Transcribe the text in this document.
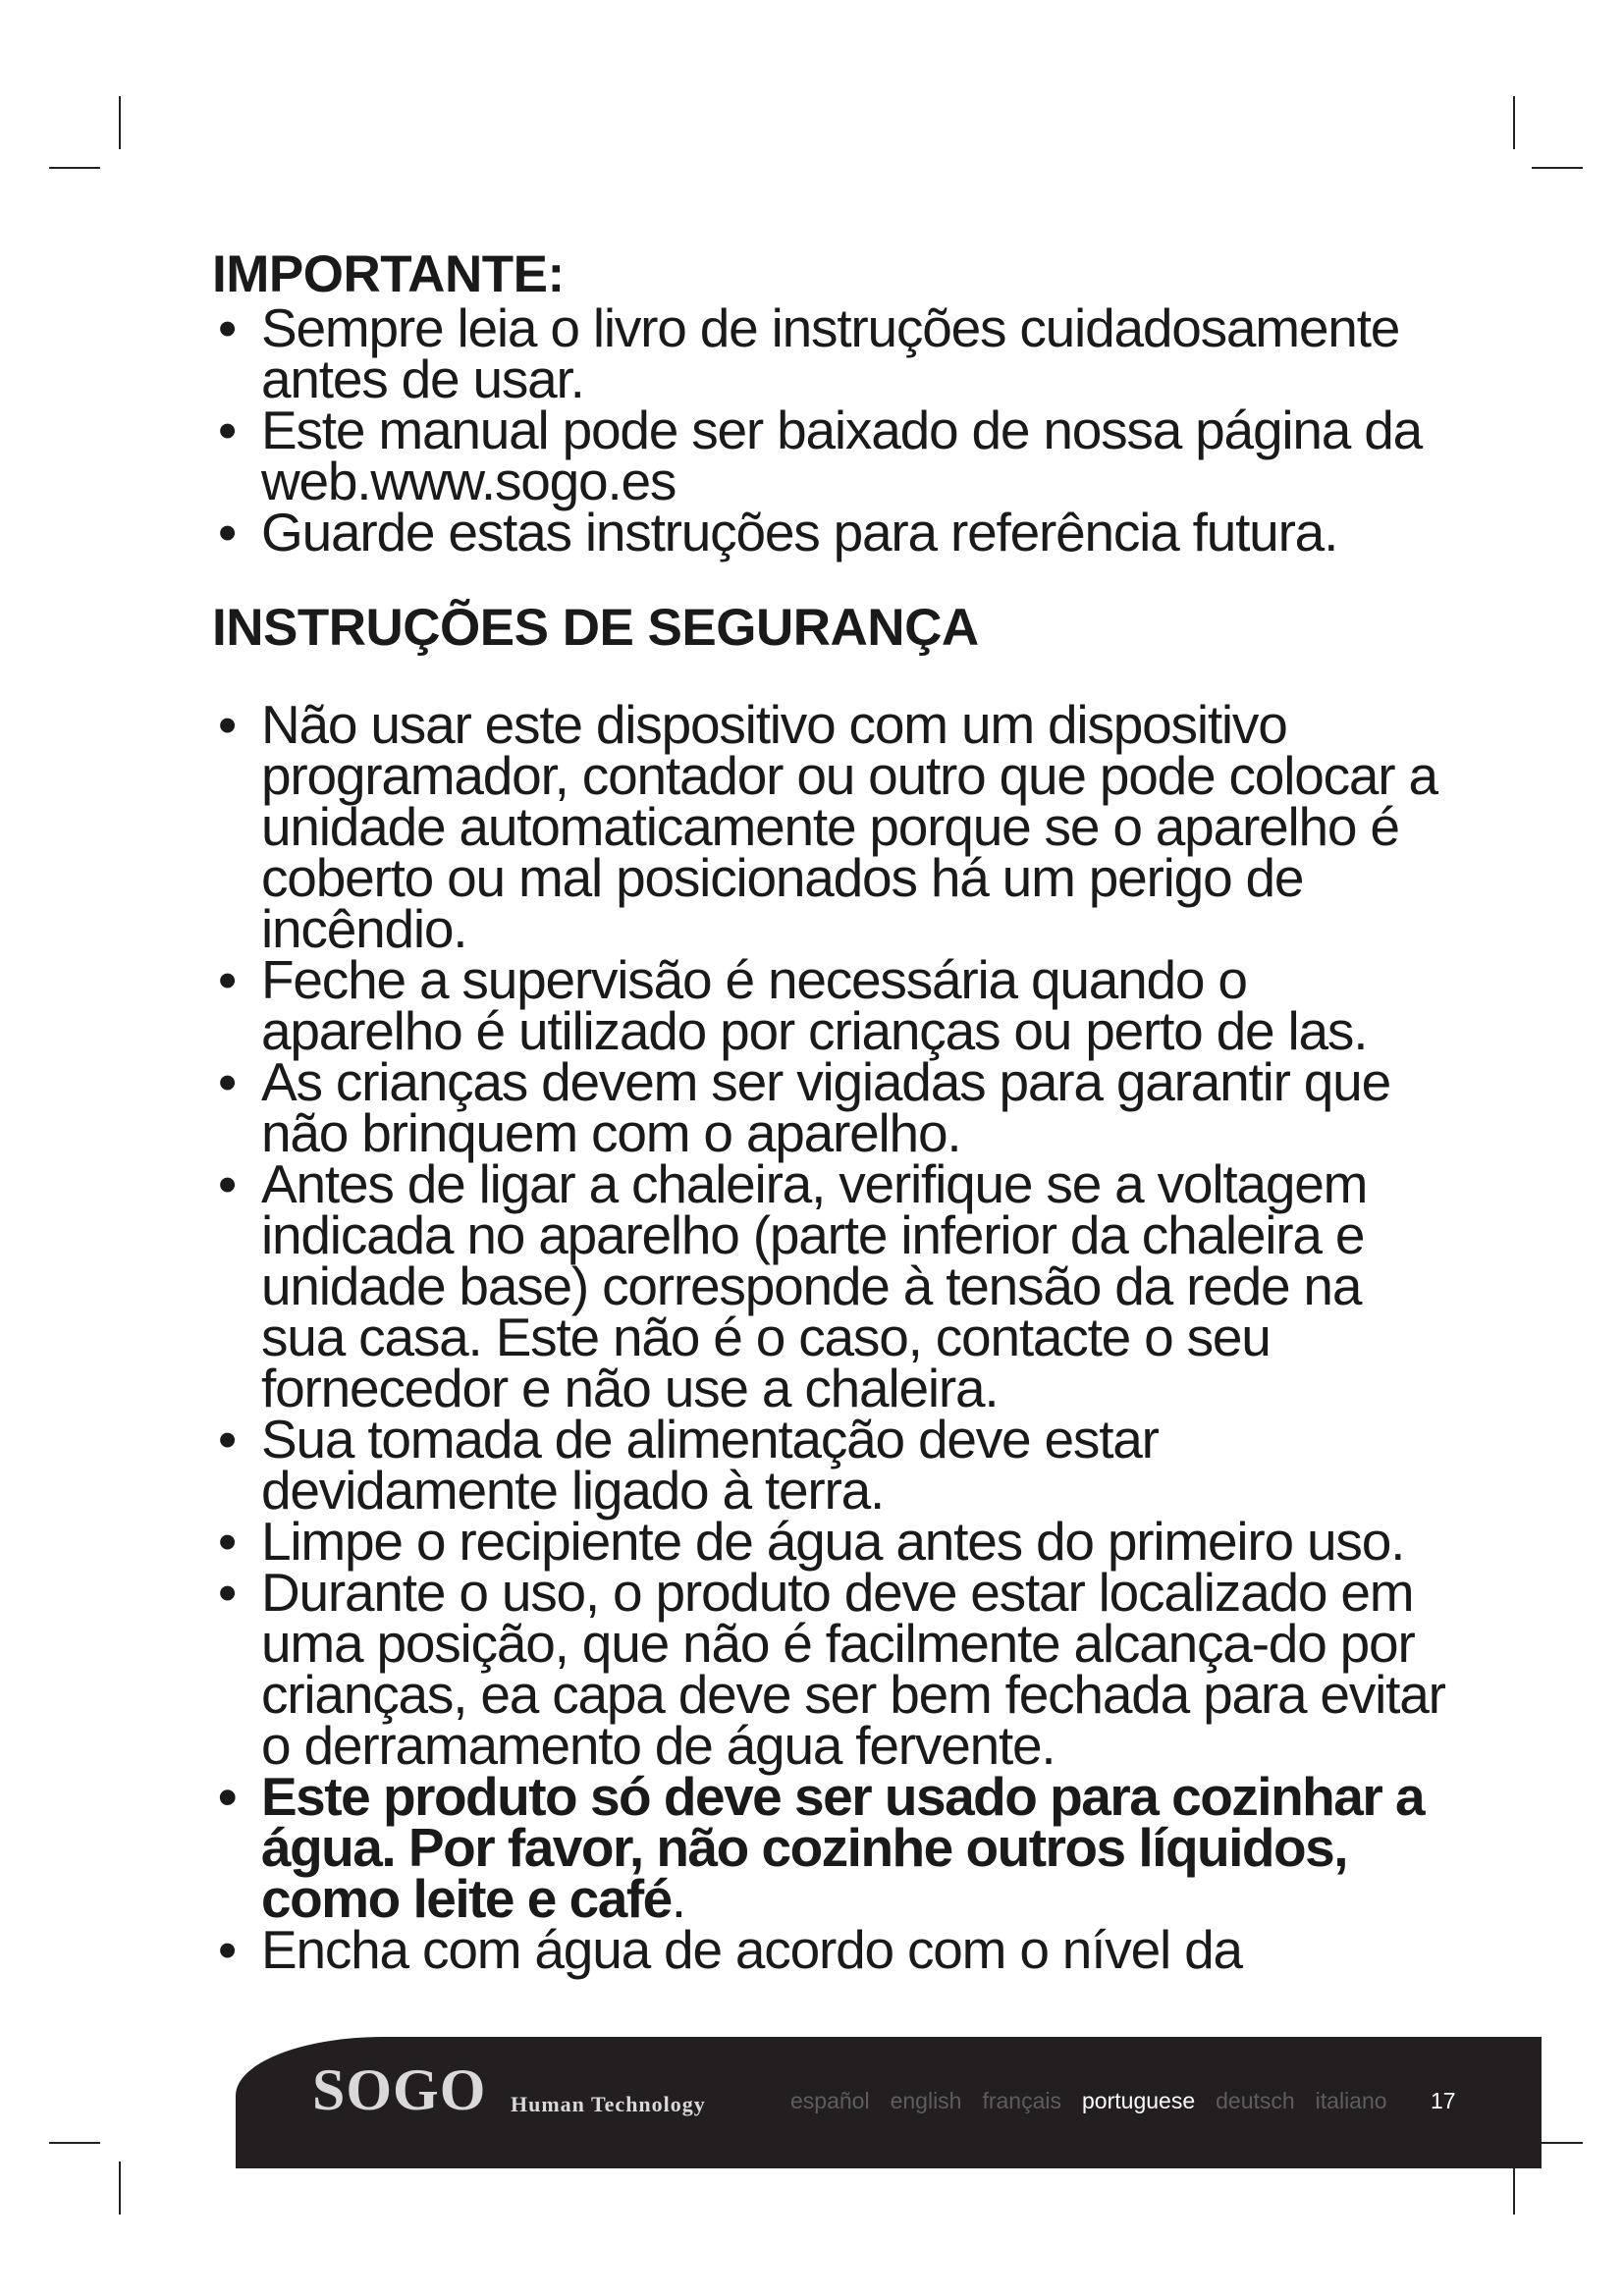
IMPORTANTE:
• Sempre leia o livro de instruções cuidadosamente antes de usar.
• Este manual pode ser baixado de nossa página da web.www.sogo.es
• Guarde estas instruções para referência futura.
INSTRUÇÕES DE SEGURANÇA
• Não usar este dispositivo com um dispositivo programador, contador ou outro que pode colocar a unidade automaticamente porque se o aparelho é coberto ou mal posicionados há um perigo de incêndio.
• Feche a supervisão é necessária quando o aparelho é utilizado por crianças ou perto de las.
• As crianças devem ser vigiadas para garantir que não brinquem com o aparelho.
• Antes de ligar a chaleira, verifique se a voltagem indicada no aparelho (parte inferior da chaleira e unidade base) corresponde à tensão da rede na sua casa. Este não é o caso, contacte o seu fornecedor e não use a chaleira.
• Sua tomada de alimentação deve estar devidamente ligado à terra.
• Limpe o recipiente de água antes do primeiro uso.
• Durante o uso, o produto deve estar localizado em uma posição, que não é facilmente alcança-do por crianças, ea capa deve ser bem fechada para evitar o derramamento de água fervente.
• Este produto só deve ser usado para cozinhar a água. Por favor, não cozinhe outros líquidos, como leite e café.
• Encha com água de acordo com o nível da
SOGO Human Technology	español english français portuguese deutsch italiano 17
